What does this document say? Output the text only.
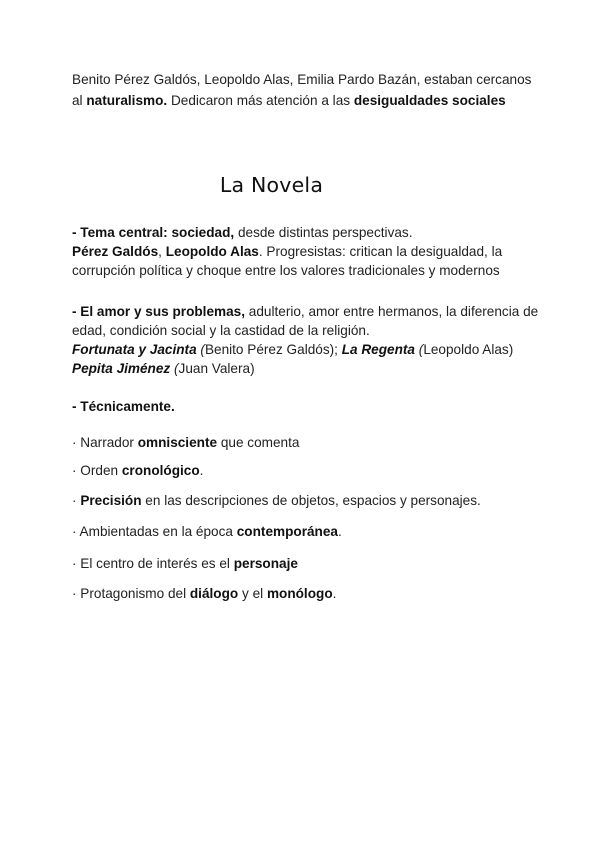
Benito Pérez Galdós, Leopoldo Alas, Emilia Pardo Bazán, estaban cercanos al naturalismo. Dedicaron más atención a las desigualdades sociales

La Novela

- Tema central: sociedad, desde distintas perspectivas.
Pérez Galdós, Leopoldo Alas. Progresistas: critican la desigualdad, la corrupción política y choque entre los valores tradicionales y modernos

- El amor y sus problemas, adulterio, amor entre hermanos, la diferencia de edad, condición social y la castidad de la religión.
Fortunata y Jacinta (Benito Pérez Galdós); La Regenta (Leopoldo Alas) Pepita Jiménez (Juan Valera)

- Técnicamente.

· Narrador omnisciente que comenta

· Orden cronológico.

· Precisión en las descripciones de objetos, espacios y personajes.

· Ambientadas en la época contemporánea.

· El centro de interés es el personaje

· Protagonismo del diálogo y el monólogo.
